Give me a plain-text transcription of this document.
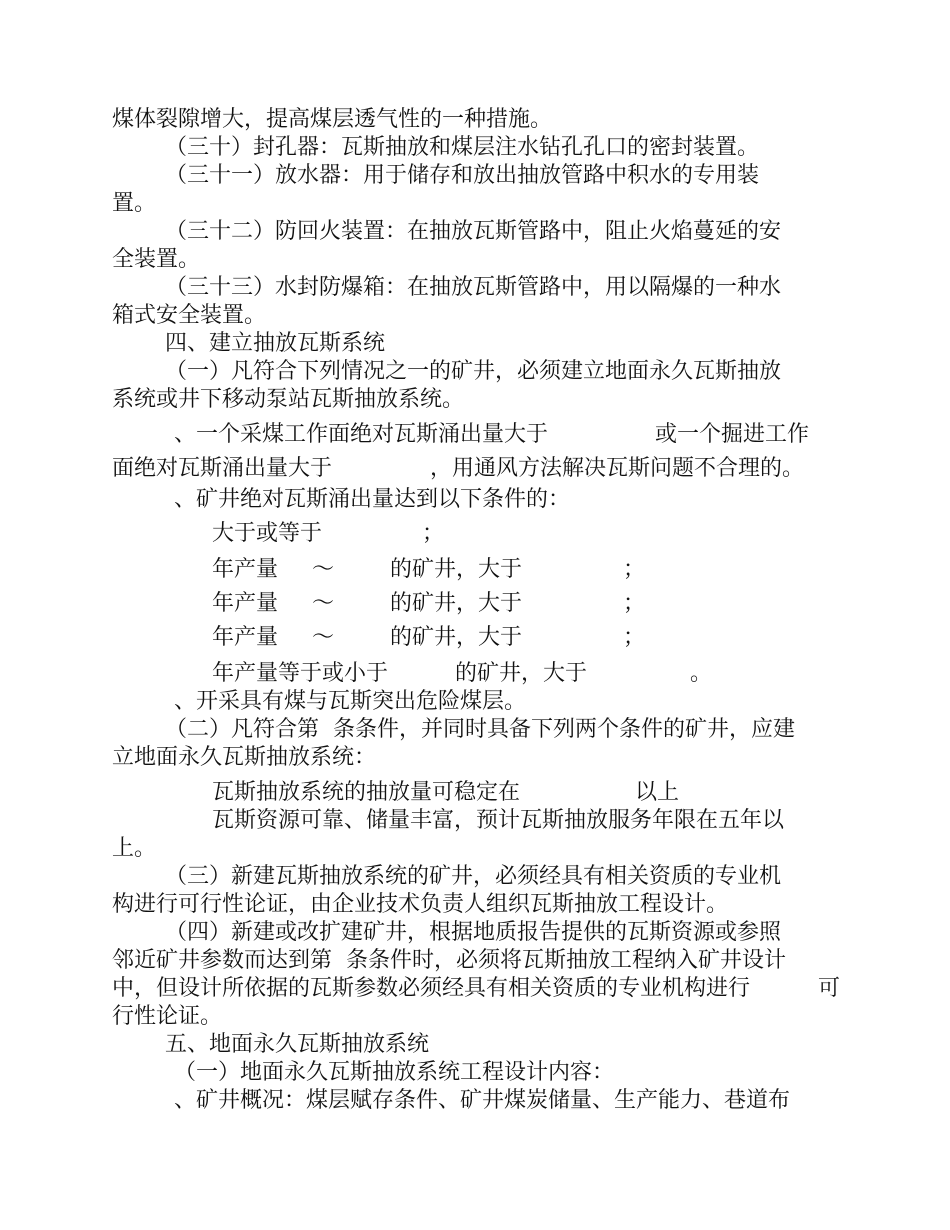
煤体裂隙增大，提高煤层透气性的一种措施。
（三十）封孔器：瓦斯抽放和煤层注水钻孔孔口的密封装置。
（三十一）放水器：用于储存和放出抽放管路中积水的专用装
置。
（三十二）防回火装置：在抽放瓦斯管路中，阻止火焰蔓延的安
全装置。
（三十三）水封防爆箱：在抽放瓦斯管路中，用以隔爆的一种水
箱式安全装置。
四、建立抽放瓦斯系统
（一）凡符合下列情况之一的矿井，必须建立地面永久瓦斯抽放
系统或井下移动泵站瓦斯抽放系统。
、一个采煤工作面绝对瓦斯涌出量大于	或一个掘进工作
面绝对瓦斯涌出量大于	，用通风方法解决瓦斯问题不合理的。
、矿井绝对瓦斯涌出量达到以下条件的：
大于或等于	；
年产量 ～	的矿井，大于	；
年产量 ～	的矿井，大于	；
年产量 ～	的矿井，大于	；
年产量等于或小于	的矿井，大于	。
、开采具有煤与瓦斯突出危险煤层。
（二）凡符合第  条条件，并同时具备下列两个条件的矿井，应建
立地面永久瓦斯抽放系统：
瓦斯抽放系统的抽放量可稳定在	以上
瓦斯资源可靠、储量丰富，预计瓦斯抽放服务年限在五年以
上。
（三）新建瓦斯抽放系统的矿井，必须经具有相关资质的专业机
构进行可行性论证，由企业技术负责人组织瓦斯抽放工程设计。
（四）新建或改扩建矿井，根据地质报告提供的瓦斯资源或参照
邻近矿井参数而达到第  条条件时，必须将瓦斯抽放工程纳入矿井设计
中，但设计所依据的瓦斯参数必须经具有相关资质的专业机构进行	可
行性论证。
五、地面永久瓦斯抽放系统
（一）地面永久瓦斯抽放系统工程设计内容：
、矿井概况：煤层赋存条件、矿井煤炭储量、生产能力、巷道布
